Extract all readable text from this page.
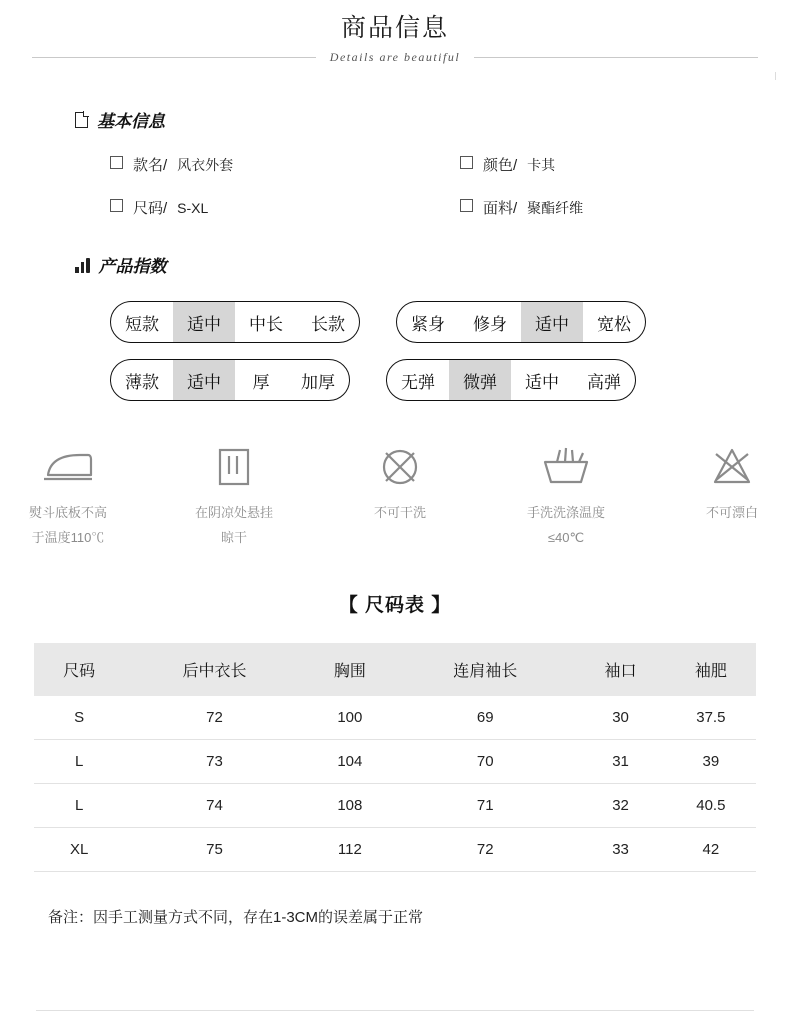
商品信息
Details are beautiful
基本信息
款名/ 风衣外套	颜色/ 卡其
尺码/ S-XL	面料/ 聚酯纤维
产品指数
短款	适中	中长	长款	紧身	修身	适中	宽松
薄款	适中	厚	加厚	无弹	微弹	适中	高弹
熨斗底板不高
于温度110℃
在阴凉处悬挂
晾干
不可干洗	手洗洗涤温度
≤40℃
不可漂白
【 尺码表 】
尺码	后中衣长	胸围	连肩袖长	袖口	袖肥
S	72	100	69	30	37.5
L	73	104	70	31	39
L	74	108	71	32	40.5
XL	75	112	72	33	42
备注：因手工测量方式不同，存在1-3CM的误差属于正常
